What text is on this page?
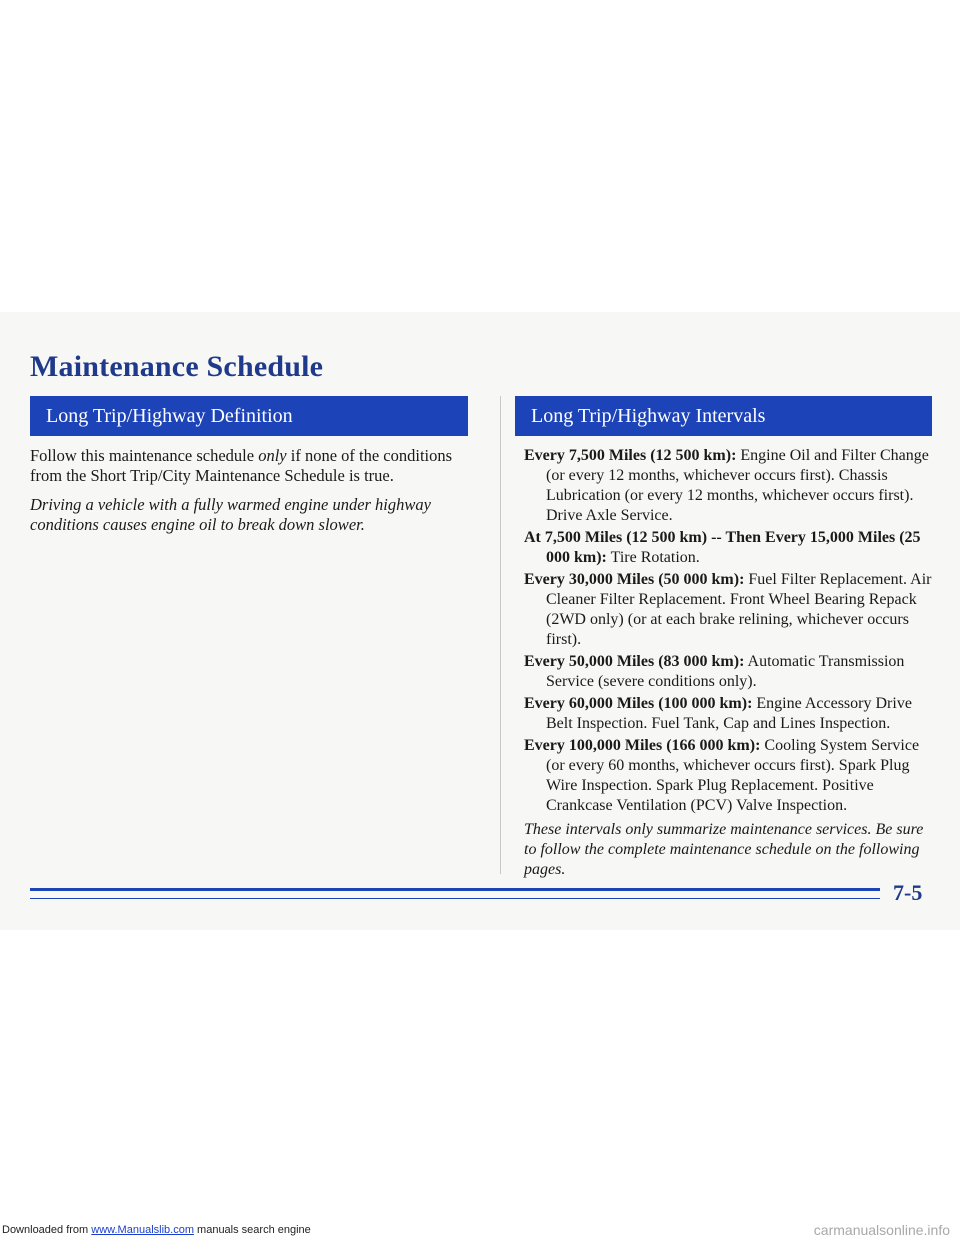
Maintenance Schedule
Long Trip/Highway Definition	Long Trip/Highway Intervals

Follow this maintenance schedule only if none of the conditions from the Short Trip/City Maintenance Schedule is true.

Driving a vehicle with a fully warmed engine under highway conditions causes engine oil to break down slower.

Every 7,500 Miles (12 500 km): Engine Oil and Filter Change (or every 12 months, whichever occurs first). Chassis Lubrication (or every 12 months, whichever occurs first). Drive Axle Service.
At 7,500 Miles (12 500 km) -- Then Every 15,000 Miles (25 000 km): Tire Rotation.
Every 30,000 Miles (50 000 km): Fuel Filter Replacement. Air Cleaner Filter Replacement. Front Wheel Bearing Repack (2WD only) (or at each brake relining, whichever occurs first).
Every 50,000 Miles (83 000 km): Automatic Transmission Service (severe conditions only).
Every 60,000 Miles (100 000 km): Engine Accessory Drive Belt Inspection. Fuel Tank, Cap and Lines Inspection.
Every 100,000 Miles (166 000 km): Cooling System Service (or every 60 months, whichever occurs first). Spark Plug Wire Inspection. Spark Plug Replacement. Positive Crankcase Ventilation (PCV) Valve Inspection.
These intervals only summarize maintenance services. Be sure to follow the complete maintenance schedule on the following pages.
7-5
Downloaded from www.Manualslib.com manuals search engine	carmanualsonline.info
